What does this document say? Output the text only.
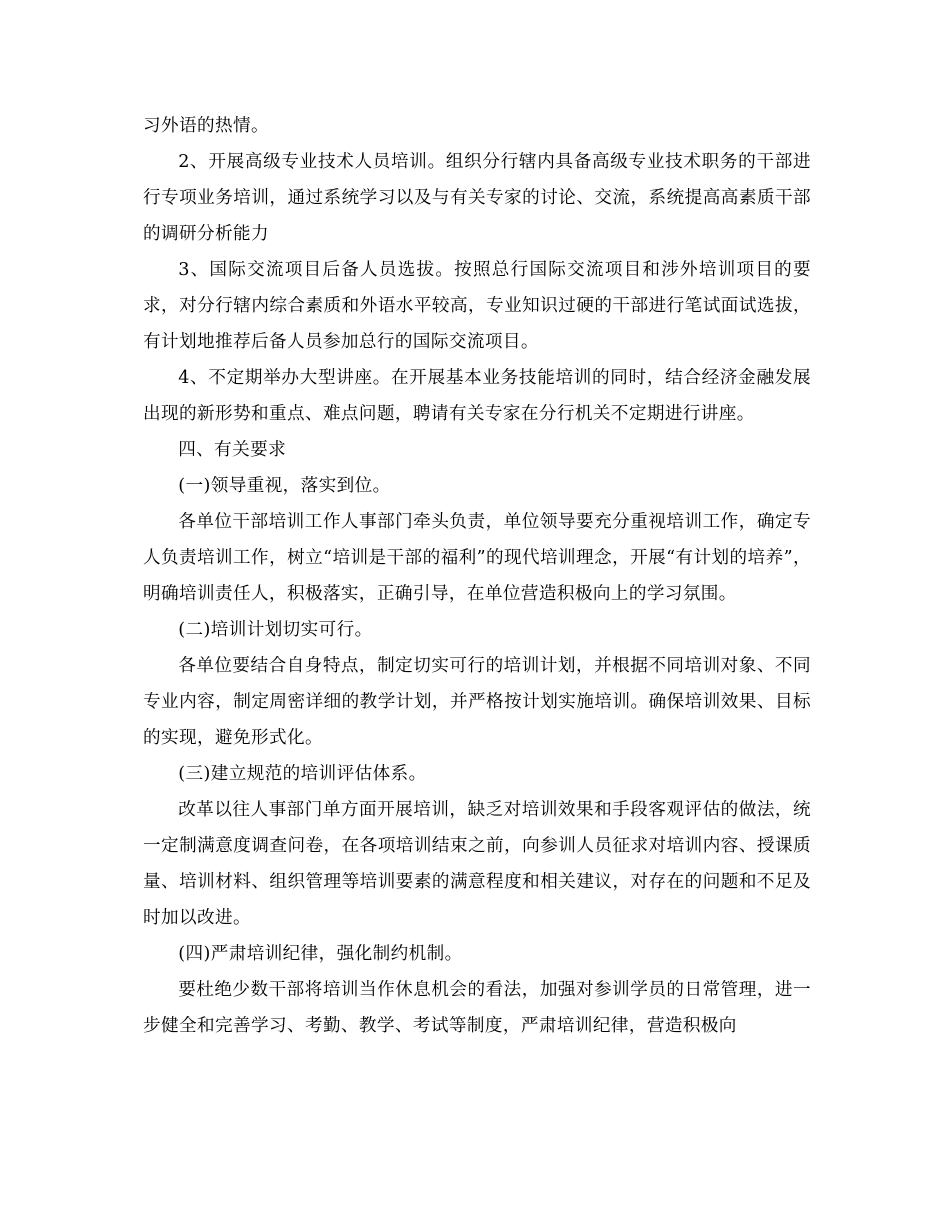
习外语的热情。

2、开展高级专业技术人员培训。组织分行辖内具备高级专业技术职务的干部进行专项业务培训，通过系统学习以及与有关专家的讨论、交流，系统提高高素质干部的调研分析能力

3、国际交流项目后备人员选拔。按照总行国际交流项目和涉外培训项目的要求，对分行辖内综合素质和外语水平较高，专业知识过硬的干部进行笔试面试选拔，有计划地推荐后备人员参加总行的国际交流项目。

4、不定期举办大型讲座。在开展基本业务技能培训的同时，结合经济金融发展出现的新形势和重点、难点问题，聘请有关专家在分行机关不定期进行讲座。

四、有关要求

(一)领导重视，落实到位。

各单位干部培训工作人事部门牵头负责，单位领导要充分重视培训工作，确定专人负责培训工作，树立“培训是干部的福利”的现代培训理念，开展“有计划的培养”，明确培训责任人，积极落实，正确引导，在单位营造积极向上的学习氛围。

(二)培训计划切实可行。

各单位要结合自身特点，制定切实可行的培训计划，并根据不同培训对象、不同专业内容，制定周密详细的教学计划，并严格按计划实施培训。确保培训效果、目标的实现，避免形式化。

(三)建立规范的培训评估体系。

改革以往人事部门单方面开展培训，缺乏对培训效果和手段客观评估的做法，统一定制满意度调查问卷，在各项培训结束之前，向参训人员征求对培训内容、授课质量、培训材料、组织管理等培训要素的满意程度和相关建议，对存在的问题和不足及时加以改进。

(四)严肃培训纪律，强化制约机制。

要杜绝少数干部将培训当作休息机会的看法，加强对参训学员的日常管理，进一步健全和完善学习、考勤、教学、考试等制度，严肃培训纪律，营造积极向
